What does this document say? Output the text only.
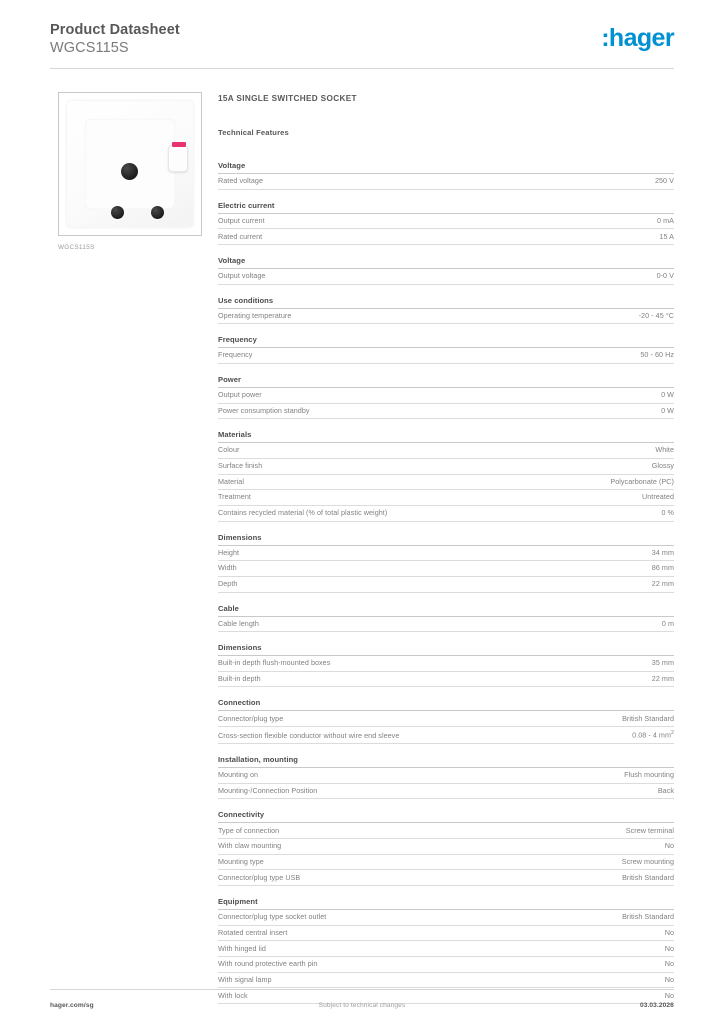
Product Datasheet
WGCS115S	:hager
WGCS115S
15A SINGLE SWITCHED SOCKET
Technical Features
Voltage
Rated voltage	250 V
Electric current
Output current	0 mA
Rated current	15 A
Voltage
Output voltage	0-0 V
Use conditions
Operating temperature	-20 - 45 °C
Frequency
Frequency	50 - 60 Hz
Power
Output power	0 W
Power consumption standby	0 W
Materials
Colour	White
Surface finish	Glossy
Material	Polycarbonate (PC)
Treatment	Untreated
Contains recycled material (% of total plastic weight)	0 %
Dimensions
Height	34 mm
Width	86 mm
Depth	22 mm
Cable
Cable length	0 m
Dimensions
Built-in depth flush-mounted boxes	35 mm
Built-in depth	22 mm
Connection
Connector/plug type	British Standard
Cross-section flexible conductor without wire end sleeve	0.08 - 4 $mm^2$
Installation, mounting
Mounting on	Flush mounting
Mounting-/Connection Position	Back
Connectivity
Type of connection	Screw terminal
With claw mounting	No
Mounting type	Screw mounting
Connector/plug type USB	British Standard
Equipment
Connector/plug type socket outlet	British Standard
Rotated central insert	No
With hinged lid	No
With round protective earth pin	No
With signal lamp	No
With lock	No
hager.com/sg	Subject to technical changes	03.03.2026
